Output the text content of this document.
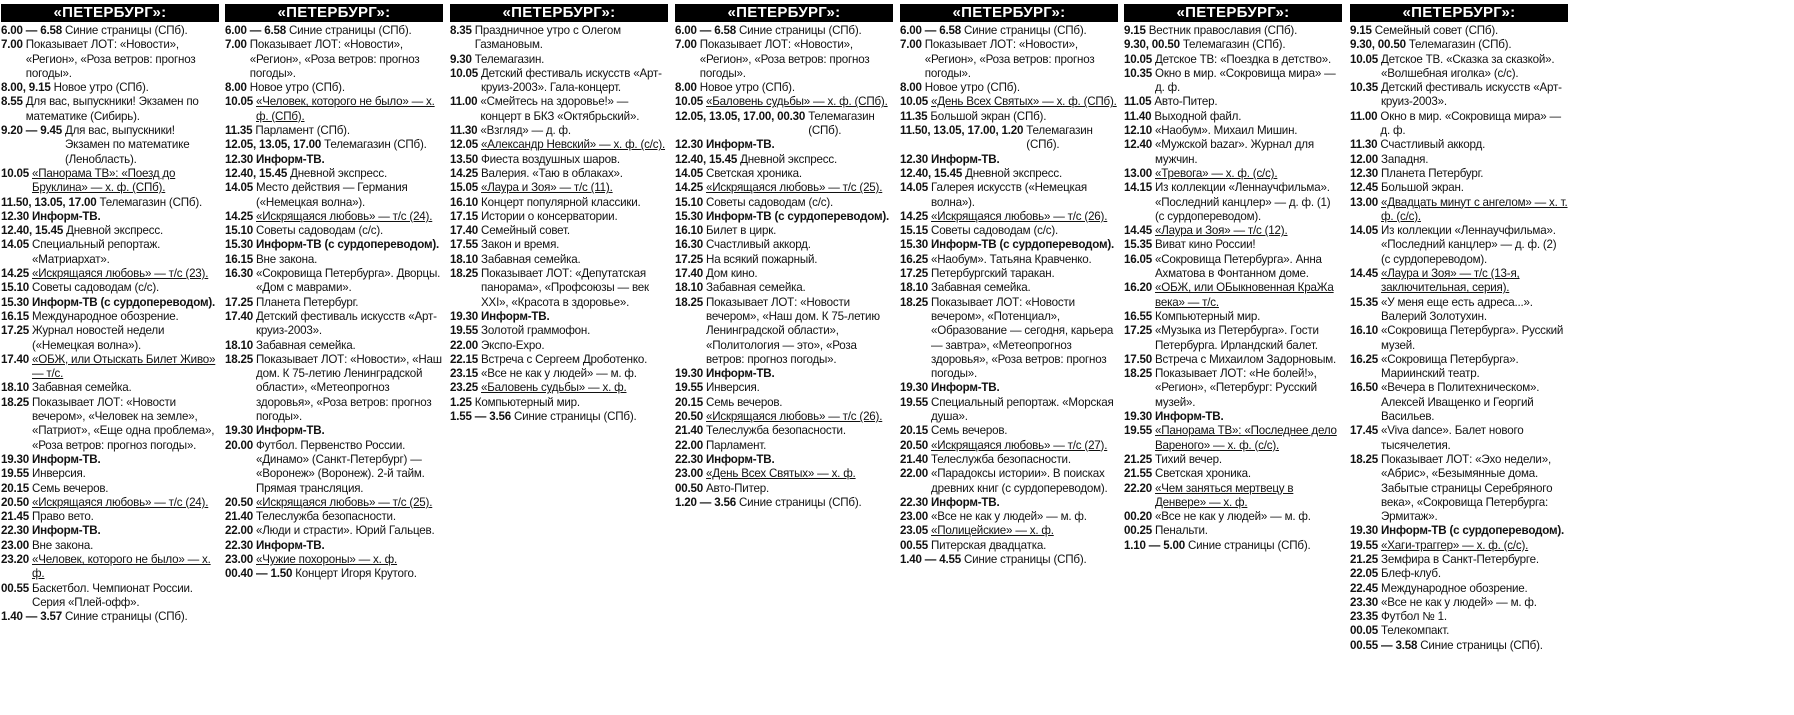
«ПЕТЕРБУРГ»:
6.00 — 6.58 Синие страницы (СПб).
7.00 Показывает ЛОТ: «Новости», «Регион», «Роза ветров: прогноз погоды».
8.00, 9.15 Новое утро (СПб).
8.55 Для вас, выпускники! Экзамен по математике (Сибирь).
9.20 — 9.45 Для вас, выпускники! Экзамен по математике (Ленобласть).
10.05 «Панорама ТВ»: «Поезд до Бруклина» — х. ф. (СПб).
11.50, 13.05, 17.00 Телемагазин (СПб).
12.30 Информ-ТВ.
12.40, 15.45 Дневной экспресс.
14.05 Специальный репортаж. «Матриархат».
14.25 «Искрящаяся любовь» — т/с (23).
15.10 Советы садоводам (с/с).
15.30 Информ-ТВ (с сурдопереводом).
16.15 Международное обозрение.
17.25 Журнал новостей недели («Немецкая волна»).
17.40 «ОБЖ, или Отыскать Билет Живо» — т/с.
18.10 Забавная семейка.
18.25 Показывает ЛОТ: «Новости вечером», «Человек на земле», «Патриот», «Еще одна проблема», «Роза ветров: прогноз погоды».
19.30 Информ-ТВ.
19.55 Инверсия.
20.15 Семь вечеров.
20.50 «Искрящаяся любовь» — т/с (24).
21.45 Право вето.
22.30 Информ-ТВ.
23.00 Вне закона.
23.20 «Человек, которого не было» — х. ф.
00.55 Баскетбол. Чемпионат России. Серия «Плей-офф».
1.40 — 3.57 Синие страницы (СПб).
«ПЕТЕРБУРГ»:
6.00 — 6.58 Синие страницы (СПб).
7.00 Показывает ЛОТ: «Новости», «Регион», «Роза ветров: прогноз погоды».
8.00 Новое утро (СПб).
10.05 «Человек, которого не было» — х. ф. (СПб).
11.35 Парламент (СПб).
12.05, 13.05, 17.00 Телемагазин (СПб).
12.30 Информ-ТВ.
12.40, 15.45 Дневной экспресс.
14.05 Место действия — Германия («Немецкая волна»).
14.25 «Искрящаяся любовь» — т/с (24).
15.10 Советы садоводам (с/с).
15.30 Информ-ТВ (с сурдопереводом).
16.15 Вне закона.
16.30 «Сокровища Петербурга». Дворцы. «Дом с маврами».
17.25 Планета Петербург.
17.40 Детский фестиваль искусств «Арт-круиз-2003».
18.10 Забавная семейка.
18.25 Показывает ЛОТ: «Новости», «Наш дом. К 75-летию Ленинградской области», «Метеопрогноз здоровья», «Роза ветров: прогноз погоды».
19.30 Информ-ТВ.
20.00 Футбол. Первенство России. «Динамо» (Санкт-Петербург) — «Воронеж» (Воронеж). 2-й тайм. Прямая трансляция.
20.50 «Искрящаяся любовь» — т/с (25).
21.40 Телеслужба безопасности.
22.00 «Люди и страсти». Юрий Гальцев.
22.30 Информ-ТВ.
23.00 «Чужие похороны» — х. ф.
00.40 — 1.50 Концерт Игоря Крутого.
«ПЕТЕРБУРГ»:
8.35 Праздничное утро с Олегом Газмановым.
9.30 Телемагазин.
10.05 Детский фестиваль искусств «Арт-круиз-2003». Гала-концерт.
11.00 «Смейтесь на здоровье!» — концерт в БКЗ «Октябрьский».
11.30 «Взгляд» — д. ф.
12.05 «Александр Невский» — х. ф. (с/с).
13.50 Фиеста воздушных шаров.
14.25 Валерия. «Таю в облаках».
15.05 «Лаура и Зоя» — т/с (11).
16.10 Концерт популярной классики.
17.15 Истории о консерватории.
17.40 Семейный совет.
17.55 Закон и время.
18.10 Забавная семейка.
18.25 Показывает ЛОТ: «Депутатская панорама», «Профсоюзы — век XXI», «Красота в здоровье».
19.30 Информ-ТВ.
19.55 Золотой граммофон.
22.00 Экспо-Exро.
22.15 Встреча с Сергеем Дроботенко.
23.15 «Все не как у людей» — м. ф.
23.25 «Баловень судьбы» — х. ф.
1.25 Компьютерный мир.
1.55 — 3.56 Синие страницы (СПб).
«ПЕТЕРБУРГ»:
6.00 — 6.58 Синие страницы (СПб).
7.00 Показывает ЛОТ: «Новости», «Регион», «Роза ветров: прогноз погоды».
8.00 Новое утро (СПб).
10.05 «Баловень судьбы» — х. ф. (СПб).
12.05, 13.05, 17.00, 00.30 Телемагазин (СПб).
12.30 Информ-ТВ.
12.40, 15.45 Дневной экспресс.
14.05 Светская хроника.
14.25 «Искрящаяся любовь» — т/с (25).
15.10 Советы садоводам (с/с).
15.30 Информ-ТВ (с сурдопереводом).
16.10 Билет в цирк.
16.30 Счастливый аккорд.
17.25 На всякий пожарный.
17.40 Дом кино.
18.10 Забавная семейка.
18.25 Показывает ЛОТ: «Новости вечером», «Наш дом. К 75-летию Ленинградской области», «Политология — это», «Роза ветров: прогноз погоды».
19.30 Информ-ТВ.
19.55 Инверсия.
20.15 Семь вечеров.
20.50 «Искрящаяся любовь» — т/с (26).
21.40 Телеслужба безопасности.
22.00 Парламент.
22.30 Информ-ТВ.
23.00 «День Всех Святых» — х. ф.
00.50 Авто-Питер.
1.20 — 3.56 Синие страницы (СПб).
«ПЕТЕРБУРГ»:
6.00 — 6.58 Синие страницы (СПб).
7.00 Показывает ЛОТ: «Новости», «Регион», «Роза ветров: прогноз погоды».
8.00 Новое утро (СПб).
10.05 «День Всех Святых» — х. ф. (СПб).
11.35 Большой экран (СПб).
11.50, 13.05, 17.00, 1.20 Телемагазин (СПб).
12.30 Информ-ТВ.
12.40, 15.45 Дневной экспресс.
14.05 Галерея искусств («Немецкая волна»).
14.25 «Искрящаяся любовь» — т/с (26).
15.15 Советы садоводам (с/с).
15.30 Информ-ТВ (с сурдопереводом).
16.25 «Наобум». Татьяна Кравченко.
17.25 Петербургский таракан.
18.10 Забавная семейка.
18.25 Показывает ЛОТ: «Новости вечером», «Потенциал», «Образование — сегодня, карьера — завтра», «Метеопрогноз здоровья», «Роза ветров: прогноз погоды».
19.30 Информ-ТВ.
19.55 Специальный репортаж. «Морская душа».
20.15 Семь вечеров.
20.50 «Искрящаяся любовь» — т/с (27).
21.40 Телеслужба безопасности.
22.00 «Парадоксы истории». В поисках древних книг (с сурдопереводом).
22.30 Информ-ТВ.
23.00 «Все не как у людей» — м. ф.
23.05 «Полицейские» — х. ф.
00.55 Питерская двадцатка.
1.40 — 4.55 Синие страницы (СПб).
«ПЕТЕРБУРГ»:
9.15 Вестник православия (СПб).
9.30, 00.50 Телемагазин (СПб).
10.05 Детское ТВ: «Поездка в детство».
10.35 Окно в мир. «Сокровища мира» — д. ф.
11.05 Авто-Питер.
11.40 Выходной файл.
12.10 «Наобум». Михаил Мишин.
12.40 «Мужской bazar». Журнал для мужчин.
13.00 «Тревога» — х. ф. (с/с).
14.15 Из коллекции «Леннаучфильма». «Последний канцлер» — д. ф. (1) (с сурдопереводом).
14.45 «Лаура и Зоя» — т/с (12).
15.35 Виват кино России!
16.05 «Сокровища Петербурга». Анна Ахматова в Фонтанном доме.
16.20 «ОБЖ, или ОБыкновенная КраЖа века» — т/с.
16.55 Компьютерный мир.
17.25 «Музыка из Петербурга». Гости Петербурга. Ирландский балет.
17.50 Встреча с Михаилом Задорновым.
18.25 Показывает ЛОТ: «Не болей!», «Регион», «Петербург: Русский музей».
19.30 Информ-ТВ.
19.55 «Панорама ТВ»: «Последнее дело Вареного» — х. ф. (с/с).
21.25 Тихий вечер.
21.55 Светская хроника.
22.20 «Чем заняться мертвецу в Денвере» — х. ф.
00.20 «Все не как у людей» — м. ф.
00.25 Пенальти.
1.10 — 5.00 Синие страницы (СПб).
«ПЕТЕРБУРГ»:
9.15 Семейный совет (СПб).
9.30, 00.50 Телемагазин (СПб).
10.05 Детское ТВ. «Сказка за сказкой». «Волшебная иголка» (с/с).
10.35 Детский фестиваль искусств «Арт-круиз-2003».
11.00 Окно в мир. «Сокровища мира» — д. ф.
11.30 Счастливый аккорд.
12.00 Западня.
12.30 Планета Петербург.
12.45 Большой экран.
13.00 «Двадцать минут с ангелом» — х. т. ф. (с/с).
14.05 Из коллекции «Леннаучфильма». «Последний канцлер» — д. ф. (2) (с сурдопереводом).
14.45 «Лаура и Зоя» — т/с (13-я, заключительная, серия).
15.35 «У меня еще есть адреса...». Валерий Золотухин.
16.10 «Сокровища Петербурга». Русский музей.
16.25 «Сокровища Петербурга». Мариинский театр.
16.50 «Вечера в Политехническом». Алексей Иващенко и Георгий Васильев.
17.45 «Viva dance». Балет нового тысячелетия.
18.25 Показывает ЛОТ: «Эхо недели», «Абрис», «Безымянные дома. Забытые страницы Серебряного века», «Сокровища Петербурга: Эрмитаж».
19.30 Информ-ТВ (с сурдопереводом).
19.55 «Хаги-траггер» — х. ф. (с/с).
21.25 Земфира в Санкт-Петербурге.
22.05 Блеф-клуб.
22.45 Международное обозрение.
23.30 «Все не как у людей» — м. ф.
23.35 Футбол № 1.
00.05 Телекомпакт.
00.55 — 3.58 Синие страницы (СПб).
